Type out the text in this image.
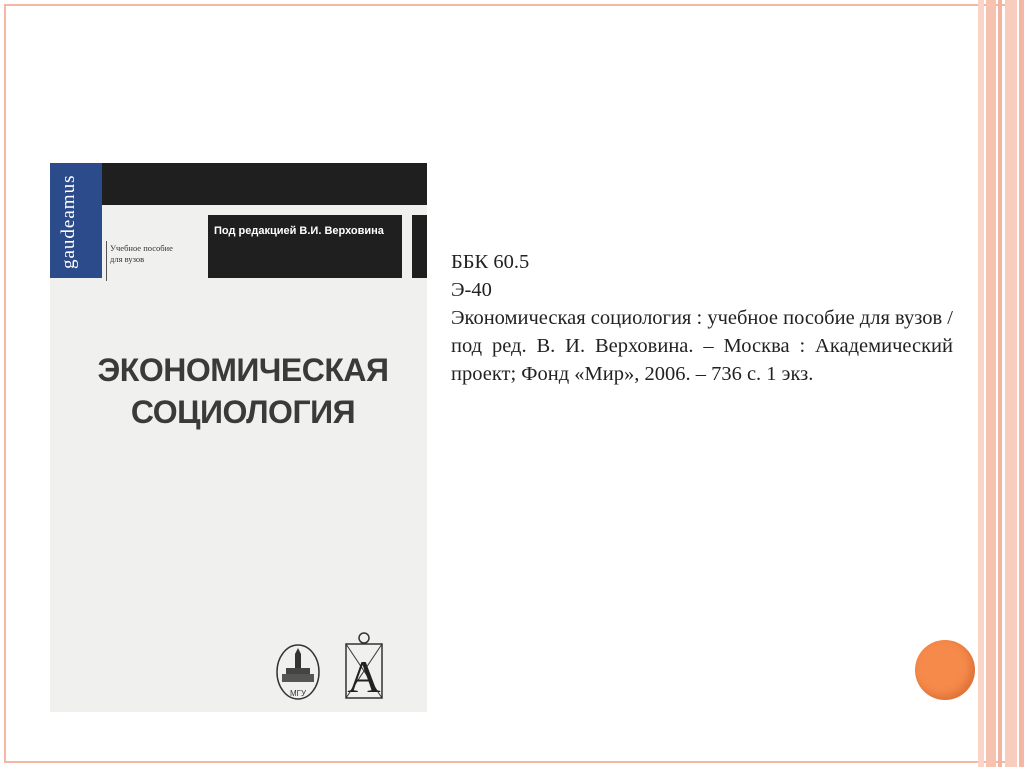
gaudeamus	Под редакцией В.И. Верховина
Учебное пособие
для вузов
ЭКОНОМИЧЕСКАЯ
СОЦИОЛОГИЯ
МГУ А
ББК 60.5
Э-40
Экономическая социология : учебное пособие для вузов / под ред. В. И. Верховина. – Москва : Академический проект; Фонд «Мир», 2006. – 736 с. 1 экз.
